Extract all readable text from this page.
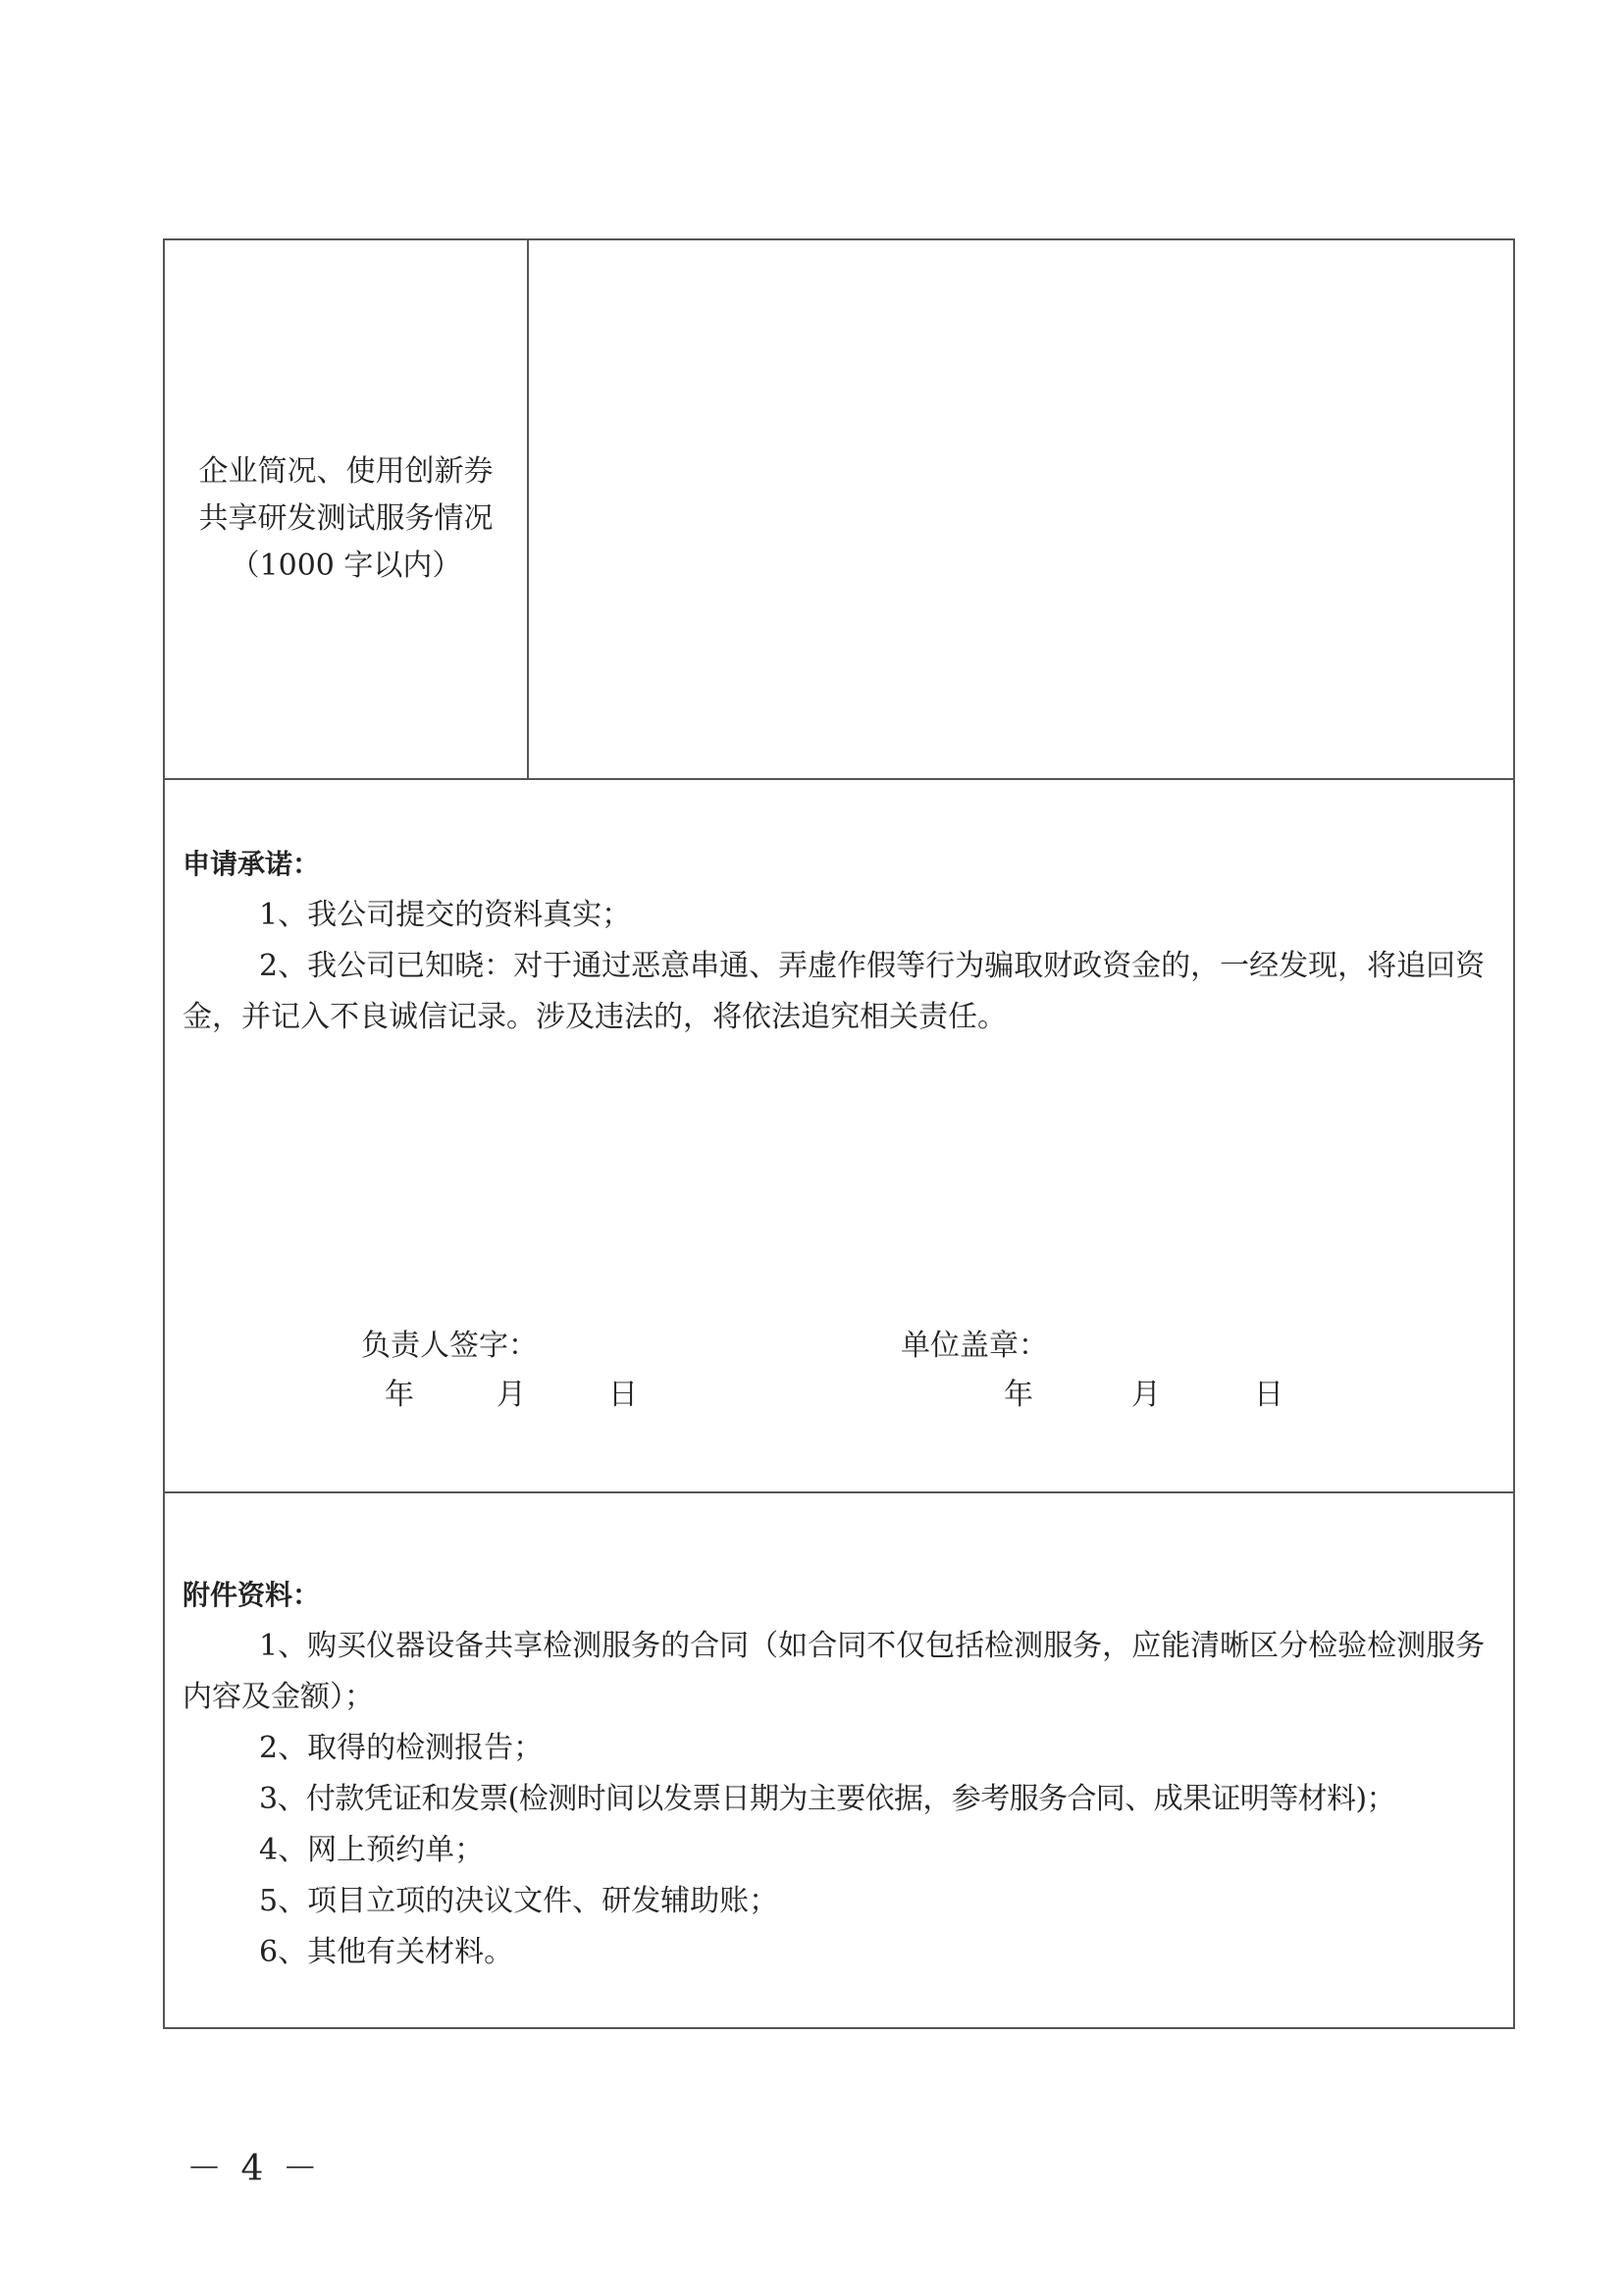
企业简况、使用创新券
共享研发测试服务情况
（1000 字以内）
申请承诺：
1、我公司提交的资料真实；
2、我公司已知晓：对于通过恶意串通、弄虚作假等行为骗取财政资金的，一经发现，将追回资金，并记入不良诚信记录。涉及违法的，将依法追究相关责任。
负责人签字：	单位盖章：
年	月	日	年	月	日
附件资料：
1、购买仪器设备共享检测服务的合同（如合同不仅包括检测服务，应能清晰区分检验检测服务内容及金额）；
2、取得的检测报告；
3、付款凭证和发票(检测时间以发票日期为主要依据，参考服务合同、成果证明等材料)；
4、网上预约单；
5、项目立项的决议文件、研发辅助账；
6、其他有关材料。
－ 4 －
